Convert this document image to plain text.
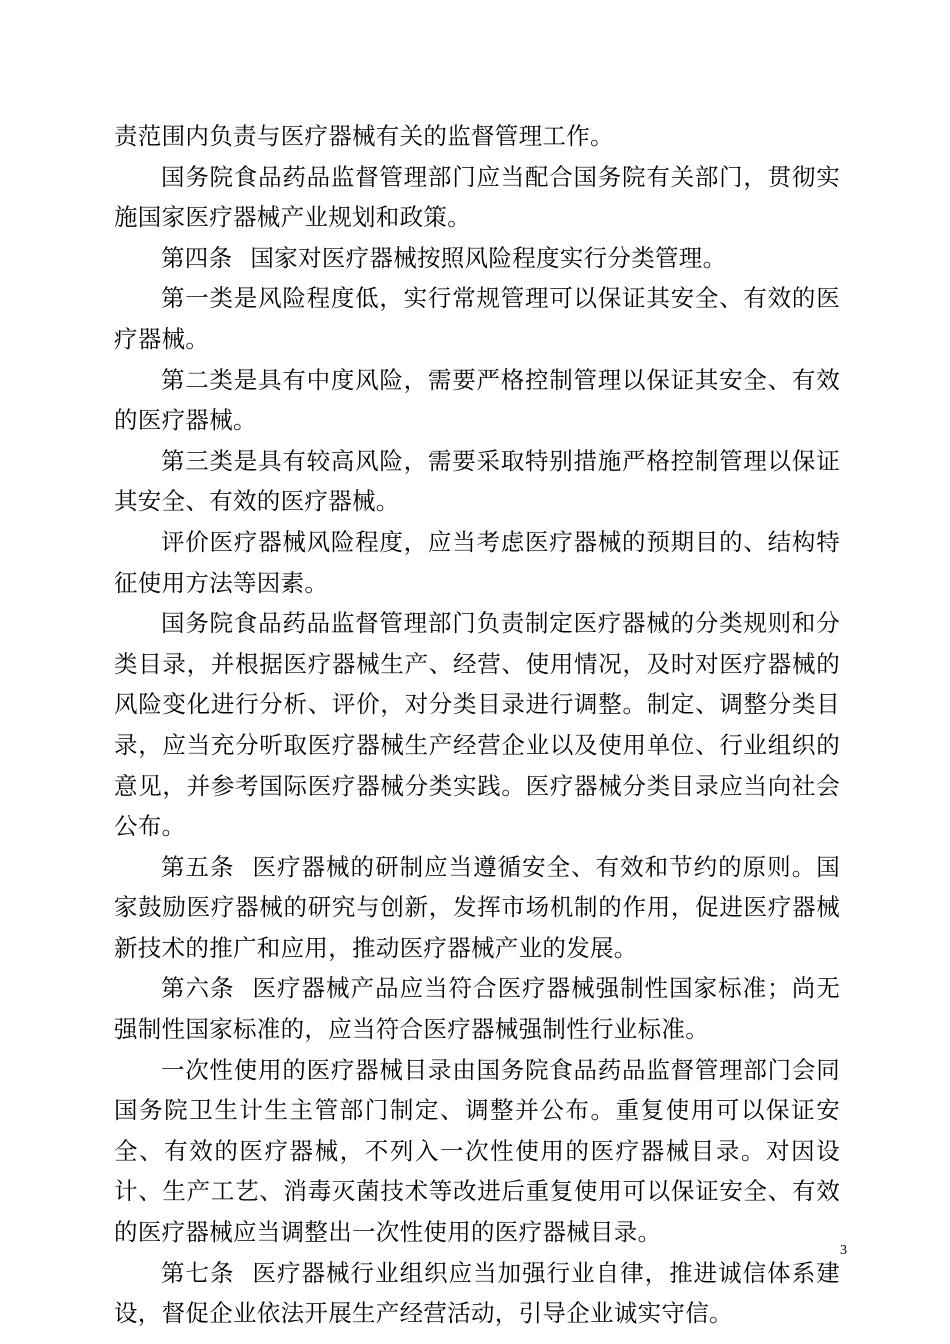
责范围内负责与医疗器械有关的监督管理工作。

国务院食品药品监督管理部门应当配合国务院有关部门，贯彻实施国家医疗器械产业规划和政策。

第四条 国家对医疗器械按照风险程度实行分类管理。

第一类是风险程度低，实行常规管理可以保证其安全、有效的医疗器械。

第二类是具有中度风险，需要严格控制管理以保证其安全、有效的医疗器械。

第三类是具有较高风险，需要采取特别措施严格控制管理以保证其安全、有效的医疗器械。

评价医疗器械风险程度，应当考虑医疗器械的预期目的、结构特征使用方法等因素。

国务院食品药品监督管理部门负责制定医疗器械的分类规则和分类目录，并根据医疗器械生产、经营、使用情况，及时对医疗器械的风险变化进行分析、评价，对分类目录进行调整。制定、调整分类目录，应当充分听取医疗器械生产经营企业以及使用单位、行业组织的意见，并参考国际医疗器械分类实践。医疗器械分类目录应当向社会公布。

第五条 医疗器械的研制应当遵循安全、有效和节约的原则。国家鼓励医疗器械的研究与创新，发挥市场机制的作用，促进医疗器械新技术的推广和应用，推动医疗器械产业的发展。

第六条 医疗器械产品应当符合医疗器械强制性国家标准；尚无强制性国家标准的，应当符合医疗器械强制性行业标准。

一次性使用的医疗器械目录由国务院食品药品监督管理部门会同国务院卫生计生主管部门制定、调整并公布。重复使用可以保证安全、有效的医疗器械，不列入一次性使用的医疗器械目录。对因设计、生产工艺、消毒灭菌技术等改进后重复使用可以保证安全、有效的医疗器械应当调整出一次性使用的医疗器械目录。

第七条 医疗器械行业组织应当加强行业自律，推进诚信体系建设，督促企业依法开展生产经营活动，引导企业诚实守信。

3
